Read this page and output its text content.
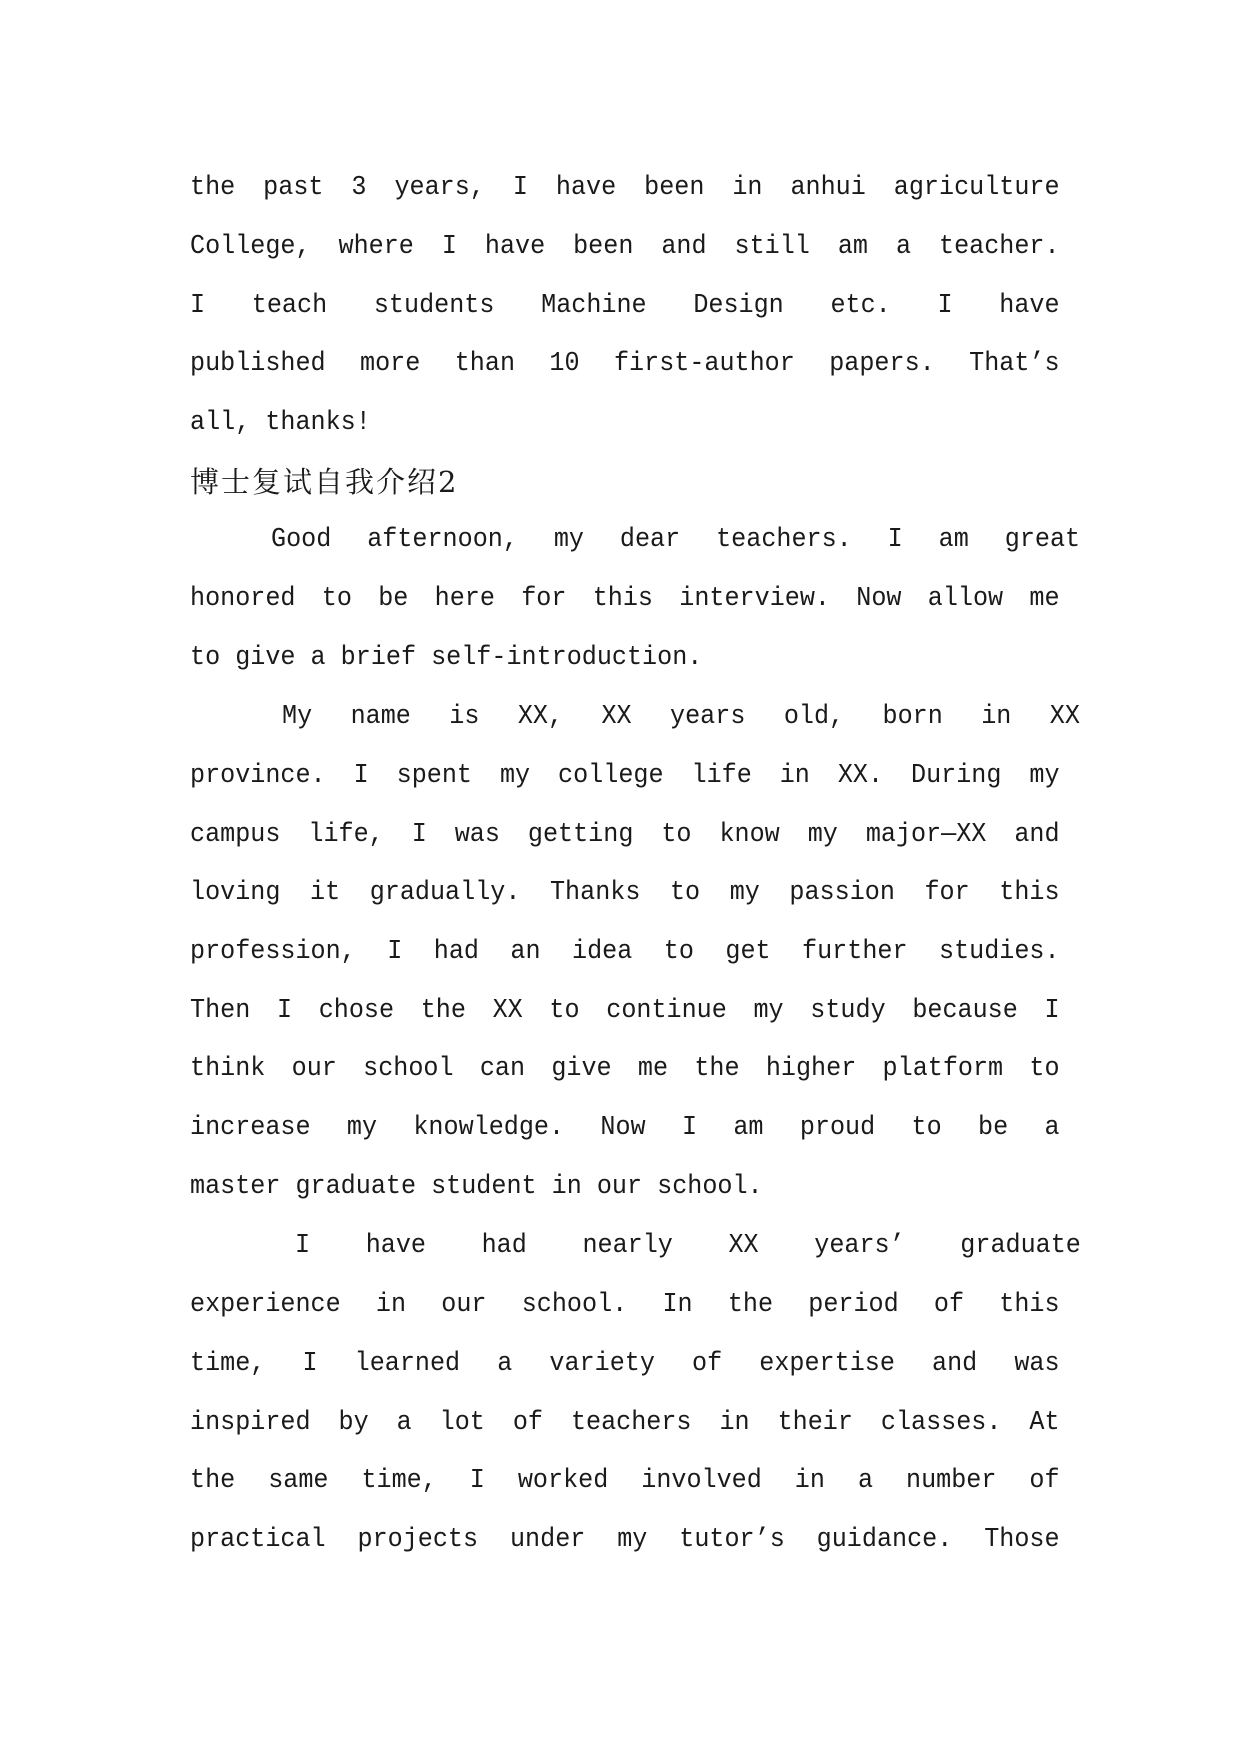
the past 3 years, I have been in anhui agriculture
College, where I have been and still am a teacher.
I teach students Machine Design etc. I have
published more than 10 first-author papers. That’s
all, thanks!
博士复试自我介绍2
Good afternoon, my dear teachers. I am great
honored to be here for this interview. Now allow me
to give a brief self-introduction.
My name is XX, XX years old, born in XX
province. I spent my college life in XX. During my
campus life, I was getting to know my major—XX and
loving it gradually. Thanks to my passion for this
profession, I had an idea to get further studies.
Then I chose the XX to continue my study because I
think our school can give me the higher platform to
increase my knowledge. Now I am proud to be a
master graduate student in our school.
I have had nearly XX years’ graduate
experience in our school. In the period of this
time, I learned a variety of expertise and was
inspired by a lot of teachers in their classes. At
the same time, I worked involved in a number of
practical projects under my tutor’s guidance. Those
